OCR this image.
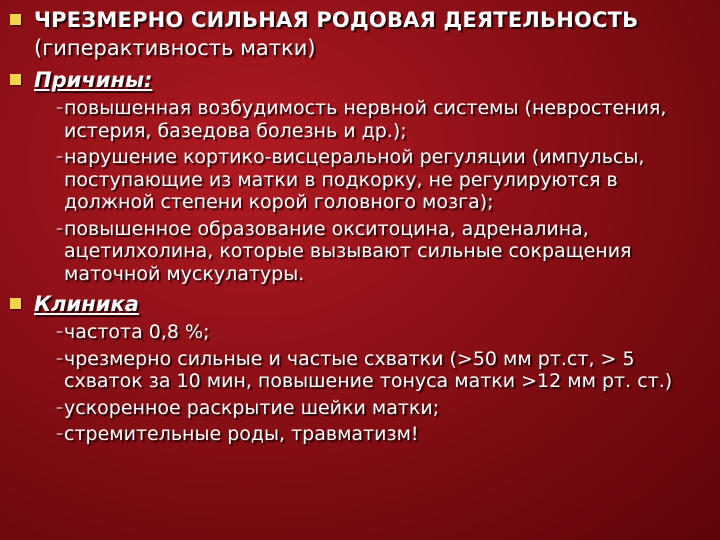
ЧРЕЗМЕРНО СИЛЬНАЯ РОДОВАЯ ДЕЯТЕЛЬНОСТЬ
(гиперактивность матки)
Причины:
– повышенная возбудимость нервной системы (невростения, истерия, базедова болезнь и др.);
– нарушение кортико-висцеральной регуляции (импульсы, поступающие из матки в подкорку, не регулируются в должной степени корой головного мозга);
– повышенное образование окситоцина, адреналина, ацетилхолина, которые вызывают сильные сокращения маточной мускулатуры.
Клиника
– частота 0,8 %;
– чрезмерно сильные и частые схватки (>50 мм рт.ст, > 5 схваток за 10 мин, повышение тонуса матки >12 мм рт. ст.)
– ускоренное раскрытие шейки матки;
– стремительные роды, травматизм!
